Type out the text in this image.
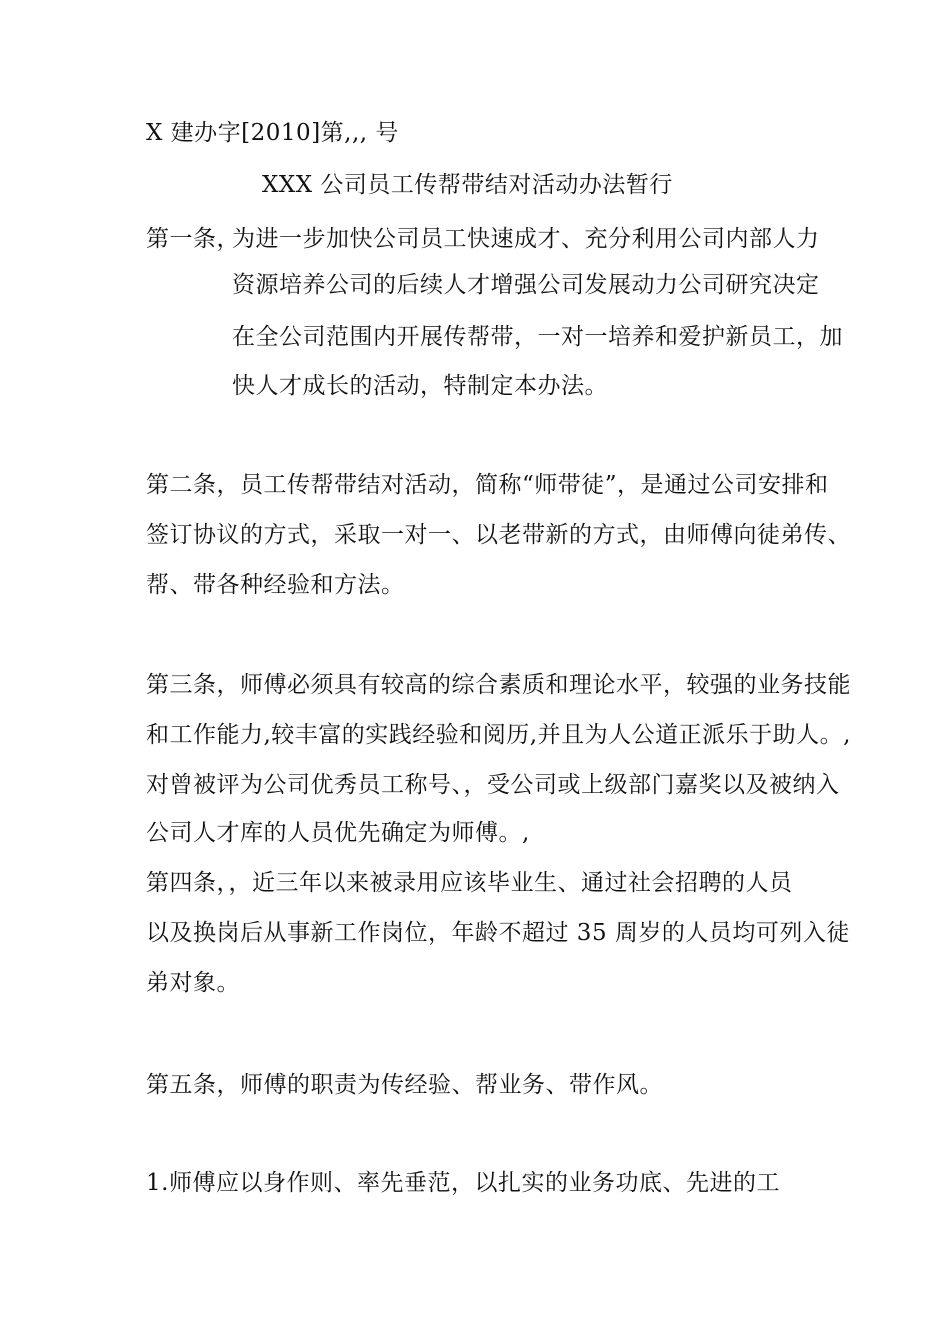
X 建办字[2010]第,,, 号
XXX 公司员工传帮带结对活动办法暂行
第一条，
为进一步加快公司员工快速成才、充分利用公司内部人力
资源培养公司的后续人才增强公司发展动力公司研究决定
在全公司范围内开展传帮带，一对一培养和爱护新员工，加
快人才成长的活动，特制定本办法。
第二条，员工传帮带结对活动，简称“师带徒”，是通过公司安排和
签订协议的方式，采取一对一、以老带新的方式，由师傅向徒弟传、
帮、带各种经验和方法。
第三条，师傅必须具有较高的综合素质和理论水平，较强的业务技能
和工作能力,较丰富的实践经验和阅历,并且为人公道正派乐于助人。,
对曾被评为公司优秀员工称号、，受公司或上级部门嘉奖以及被纳入
公司人才库的人员优先确定为师傅。,
第四条，，近三年以来被录用应该毕业生、通过社会招聘的人员
以及换岗后从事新工作岗位，年龄不超过 35 周岁的人员均可列入徒
弟对象。
第五条，师傅的职责为传经验、帮业务、带作风。
1.师傅应以身作则、率先垂范，以扎实的业务功底、先进的工
